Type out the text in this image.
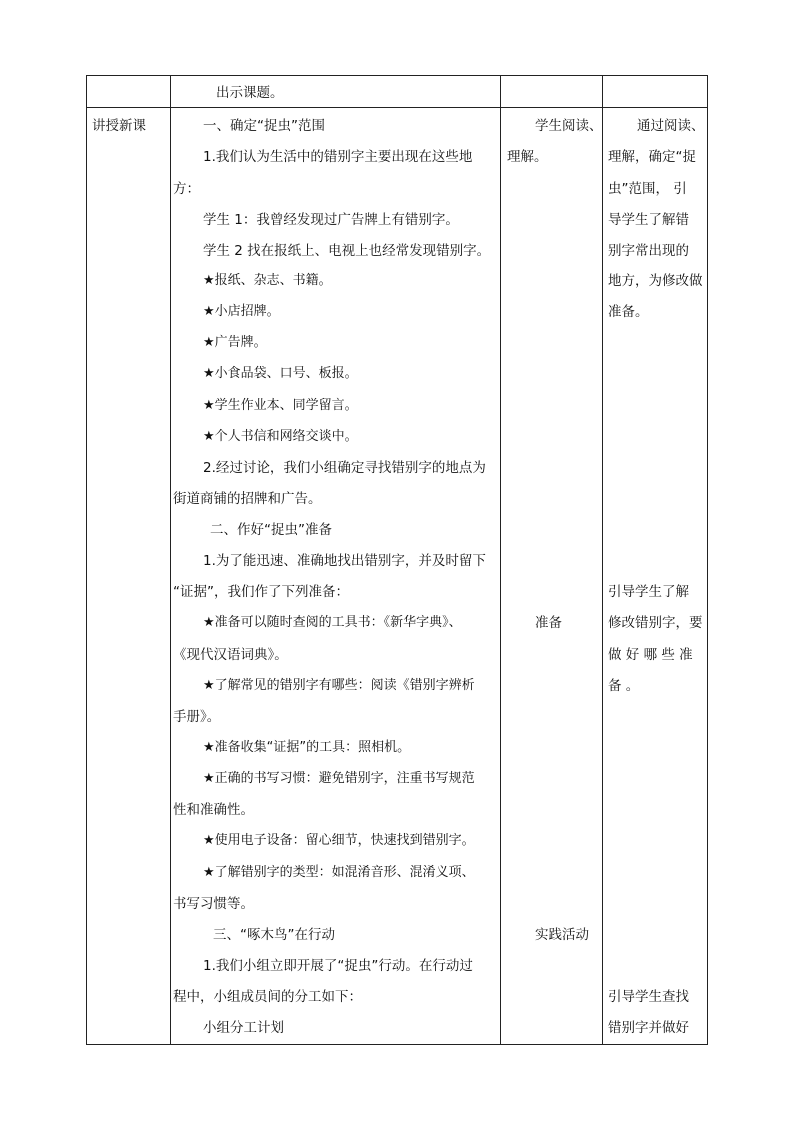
出示课题。
讲授新课	一、确定“捉虫”范围
1.我们认为生活中的错别字主要出现在这些地
方：
学生 1：我曾经发现过广告牌上有错别字。
学生 2 找在报纸上、电视上也经常发现错别字。
★报纸、杂志、书籍。
★小店招牌。
★广告牌。
★小食品袋、口号、板报。
★学生作业本、同学留言。
★个人书信和网络交谈中。
2.经过讨论，我们小组确定寻找错别字的地点为
街道商铺的招牌和广告。
二、作好“捉虫”准备
1.为了能迅速、准确地找出错别字，并及时留下
“证据”，我们作了下列准备：
★准备可以随时查阅的工具书：《新华字典》、
《现代汉语词典》。
★了解常见的错别字有哪些：阅读《错别字辨析
手册》。
★准备收集“证据”的工具：照相机。
★正确的书写习惯：避免错别字，注重书写规范
性和准确性。
★使用电子设备：留心细节，快速找到错别字。
★了解错别字的类型：如混淆音形、混淆义项、
书写习惯等。
三、“啄木鸟”在行动
1.我们小组立即开展了“捉虫”行动。在行动过
程中，小组成员间的分工如下：
小组分工计划
学生阅读、
理解。
准备
实践活动
通过阅读、
理解，确定“捉
虫”范围， 引
导学生了解错
别字常出现的
地方，为修改做
准备。
引导学生了解
修改错别字，要
做 好 哪 些 准
备 。
引导学生查找
错别字并做好
